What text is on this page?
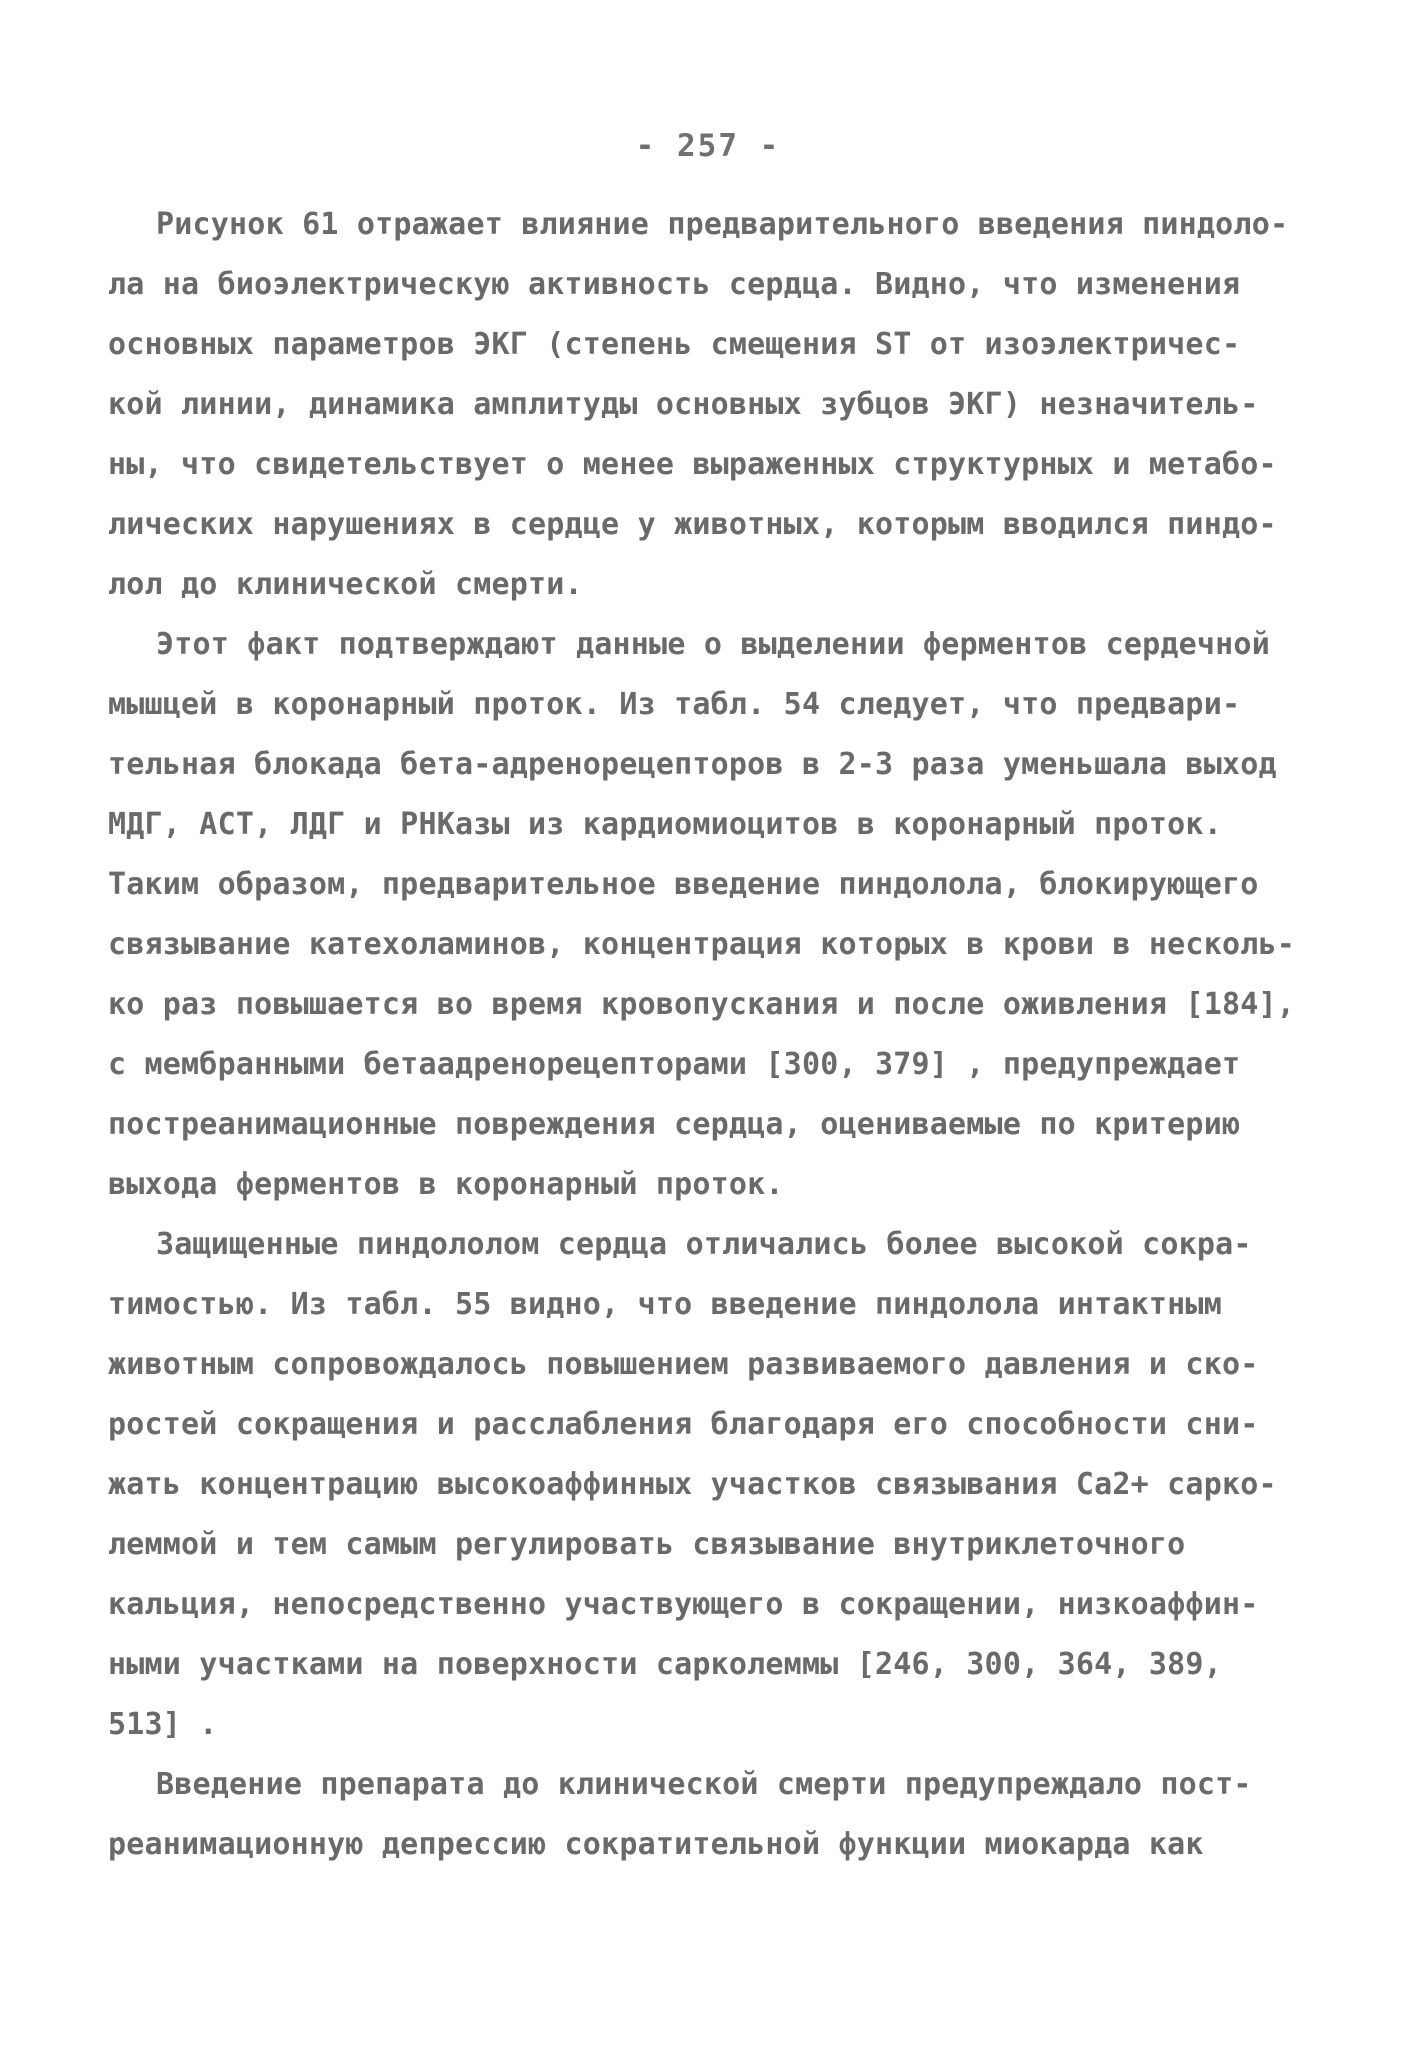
- 257 -
Рисунок 61 отражает влияние предварительного введения пиндоло-
ла на биоэлектрическую активность сердца. Видно, что изменения
основных параметров ЭКГ (степень смещения ST от изоэлектричес-
кой линии, динамика амплитуды основных зубцов ЭКГ) незначитель-
ны, что свидетельствует о менее выраженных структурных и метабо-
лических нарушениях в сердце у животных, которым вводился пиндо-
лол до клинической смерти.
Этот факт подтверждают данные о выделении ферментов сердечной
мышцей в коронарный проток. Из табл. 54 следует, что предвари-
тельная блокада бета-адренорецепторов в 2-3 раза уменьшала выход
МДГ, АСТ, ЛДГ и РНКазы из кардиомиоцитов в коронарный проток.
Таким образом, предварительное введение пиндолола, блокирующего
связывание катехоламинов, концентрация которых в крови в несколь-
ко раз повышается во время кровопускания и после оживления [184],
с мембранными бетаадренорецепторами [300, 379] , предупреждает
постреанимационные повреждения сердца, оцениваемые по критерию
выхода ферментов в коронарный проток.
Защищенные пиндололом сердца отличались более высокой сокра-
тимостью. Из табл. 55 видно, что введение пиндолола интактным
животным сопровождалось повышением развиваемого давления и ско-
ростей сокращения и расслабления благодаря его способности сни-
жать концентрацию высокоаффинных участков связывания Ca2+ сарко-
леммой и тем самым регулировать связывание внутриклеточного
кальция, непосредственно участвующего в сокращении, низкоаффин-
ными участками на поверхности сарколеммы [246, 300, 364, 389,
513] .
Введение препарата до клинической смерти предупреждало пост-
реанимационную депрессию сократительной функции миокарда как
